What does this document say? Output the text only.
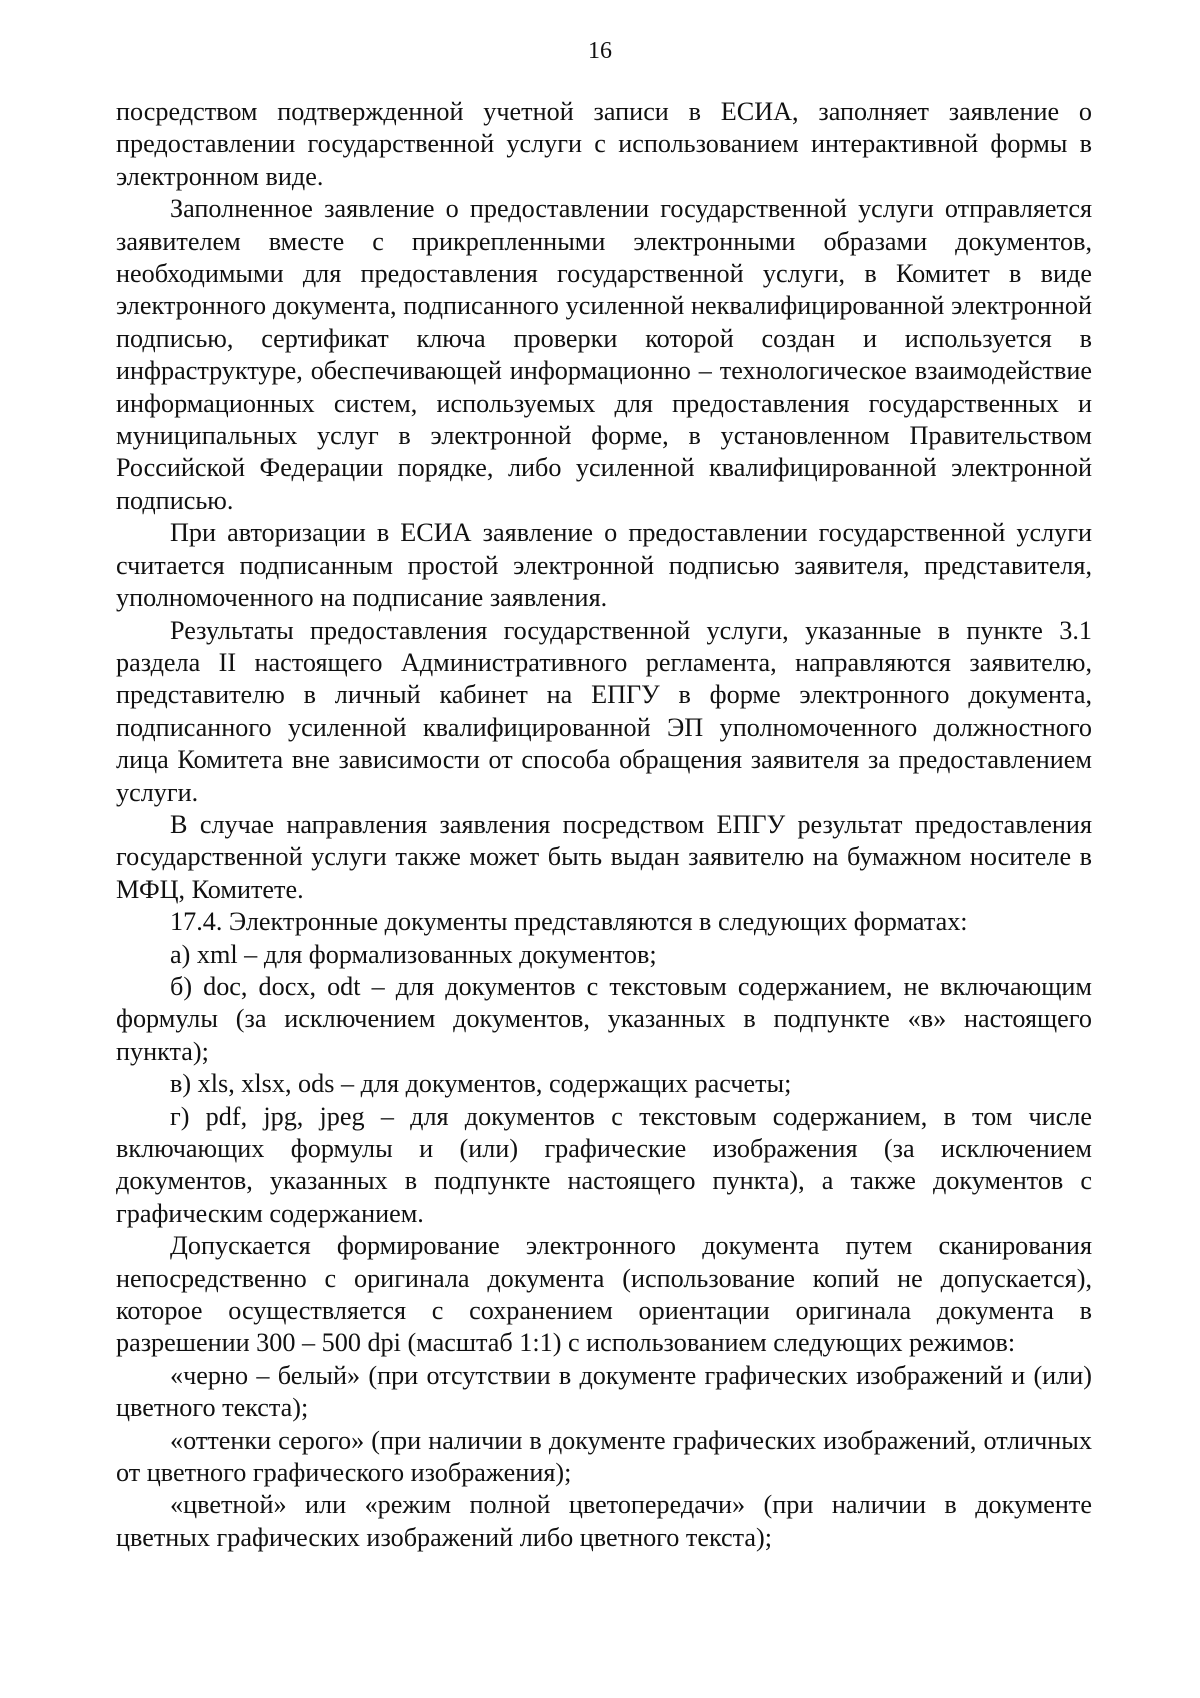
16

посредством подтвержденной учетной записи в ЕСИА, заполняет заявление о предоставлении государственной услуги с использованием интерактивной формы в электронном виде.

Заполненное заявление о предоставлении государственной услуги отправляется заявителем вместе с прикрепленными электронными образами документов, необходимыми для предоставления государственной услуги, в Комитет в виде электронного документа, подписанного усиленной неквалифицированной электронной подписью, сертификат ключа проверки которой создан и используется в инфраструктуре, обеспечивающей информационно – технологическое взаимодействие информационных систем, используемых для предоставления государственных и муниципальных услуг в электронной форме, в установленном Правительством Российской Федерации порядке, либо усиленной квалифицированной электронной подписью.

При авторизации в ЕСИА заявление о предоставлении государственной услуги считается подписанным простой электронной подписью заявителя, представителя, уполномоченного на подписание заявления.

Результаты предоставления государственной услуги, указанные в пункте 3.1 раздела II настоящего Административного регламента, направляются заявителю, представителю в личный кабинет на ЕПГУ в форме электронного документа, подписанного усиленной квалифицированной ЭП уполномоченного должностного лица Комитета вне зависимости от способа обращения заявителя за предоставлением услуги.

В случае направления заявления посредством ЕПГУ результат предоставления государственной услуги также может быть выдан заявителю на бумажном носителе в МФЦ, Комитете.

17.4. Электронные документы представляются в следующих форматах:

а) xml – для формализованных документов;

б) doc, docx, odt – для документов с текстовым содержанием, не включающим формулы (за исключением документов, указанных в подпункте «в» настоящего пункта);

в) xls, xlsx, ods – для документов, содержащих расчеты;

г) pdf, jpg, jpeg – для документов с текстовым содержанием, в том числе включающих формулы и (или) графические изображения (за исключением документов, указанных в подпункте настоящего пункта), а также документов с графическим содержанием.

Допускается формирование электронного документа путем сканирования непосредственно с оригинала документа (использование копий не допускается), которое осуществляется с сохранением ориентации оригинала документа в разрешении 300 – 500 dpi (масштаб 1:1) с использованием следующих режимов:

«черно – белый» (при отсутствии в документе графических изображений и (или) цветного текста);

«оттенки серого» (при наличии в документе графических изображений, отличных от цветного графического изображения);

«цветной» или «режим полной цветопередачи» (при наличии в документе цветных графических изображений либо цветного текста);
